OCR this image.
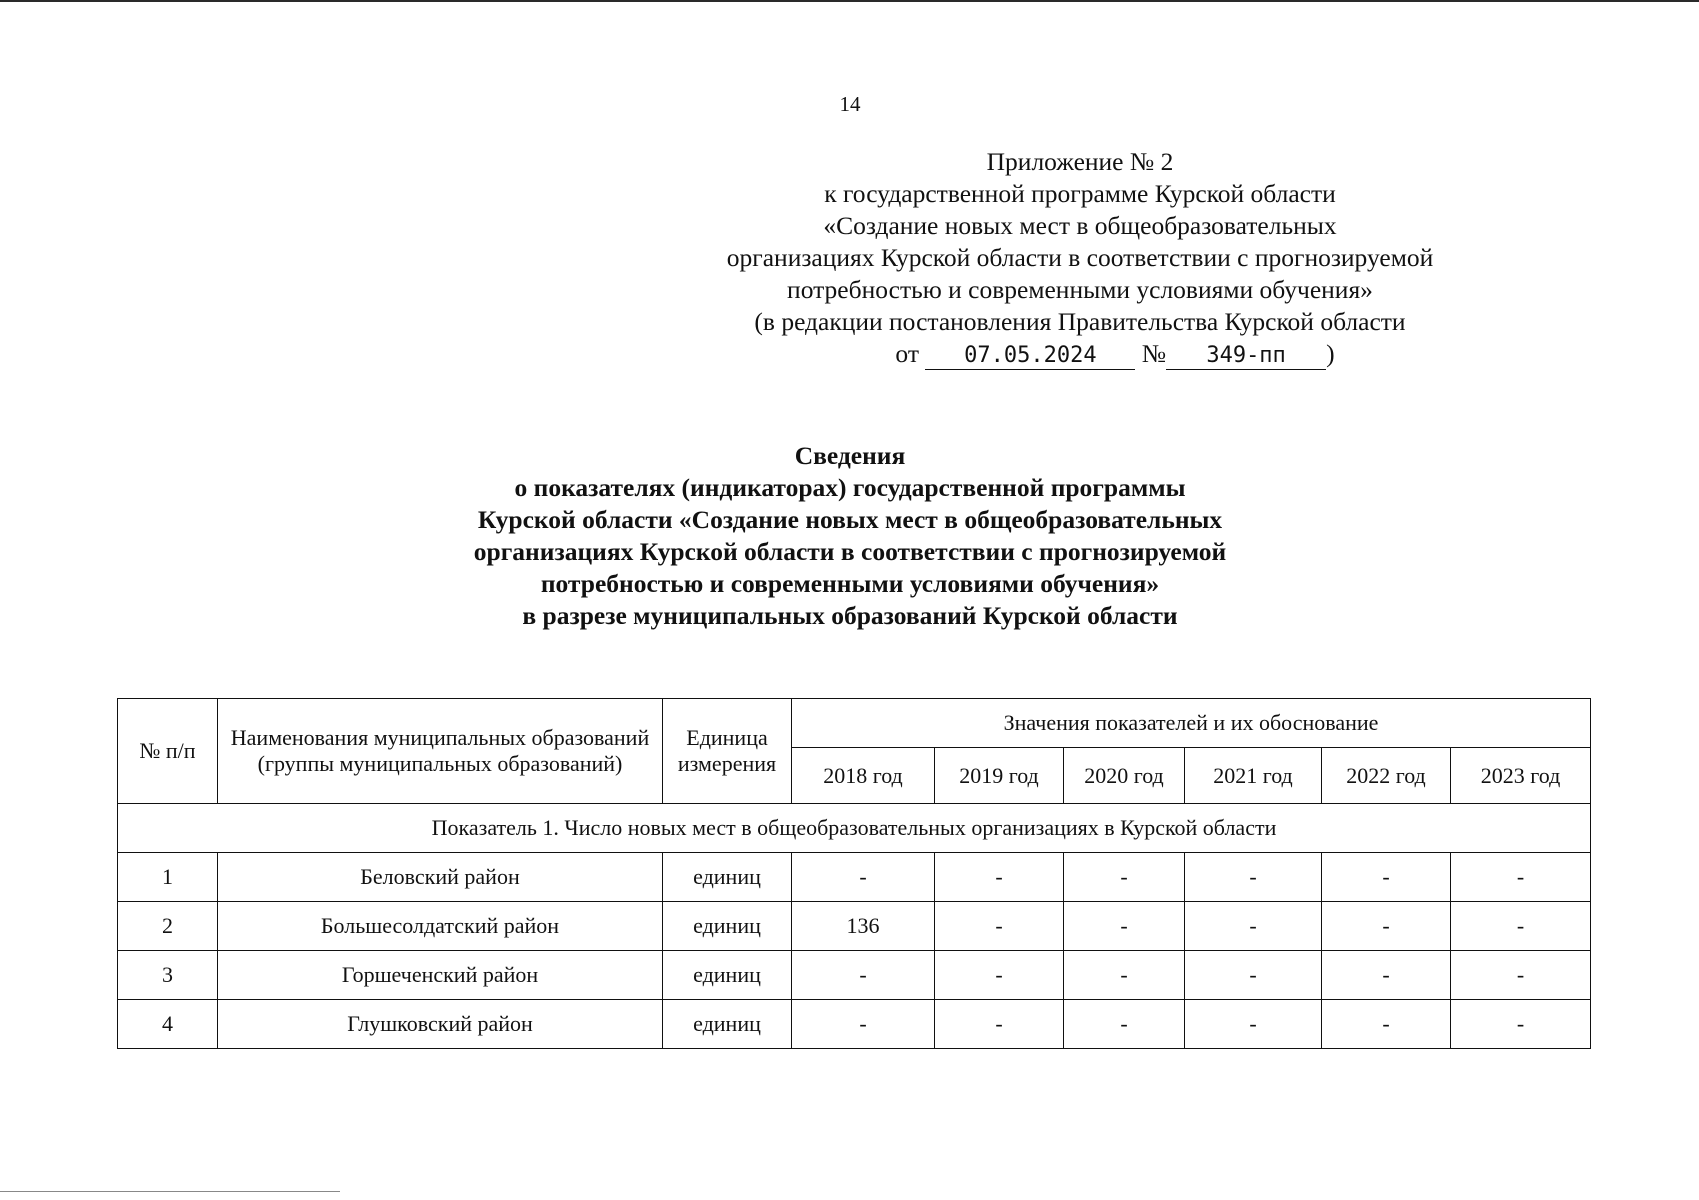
14
Приложение № 2
к государственной программе Курской области
«Создание новых мест в общеобразовательных
организациях Курской области в соответствии с прогнозируемой
потребностью и современными условиями обучения»
(в редакции постановления Правительства Курской области
от 07.05.2024 № 349-пп )
Сведения
о показателях (индикаторах) государственной программы
Курской области «Создание новых мест в общеобразовательных
организациях Курской области в соответствии с прогнозируемой
потребностью и современными условиями обучения»
в разрезе муниципальных образований Курской области
№ п/п	Наименования муниципальных образований (группы муниципальных образований)	Единица измерения	Значения показателей и их обоснование					
			2018 год	2019 год	2020 год	2021 год	2022 год	2023 год
Показатель 1. Число новых мест в общеобразовательных организациях в Курской области								
1	Беловский район	единиц	-	-	-	-	-	-
2	Большесолдатский район	единиц	136	-	-	-	-	-
3	Горшеченский район	единиц	-	-	-	-	-	-
4	Глушковский район	единиц	-	-	-	-	-	-
